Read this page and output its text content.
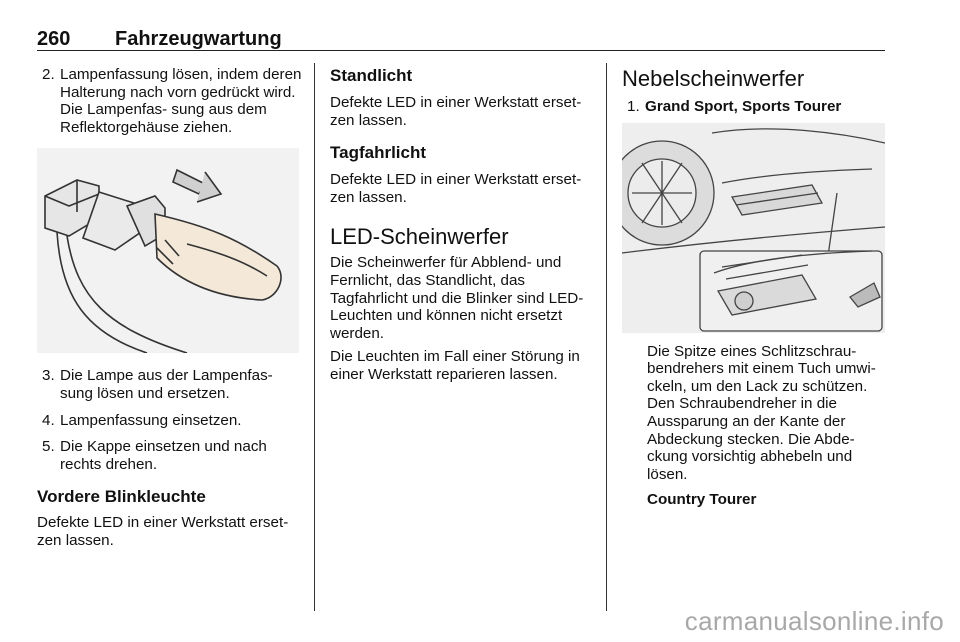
260 Fahrzeugwartung
2. Lampenfassung lösen, indem deren Halterung nach vorn gedrückt wird. Die Lampenfas- sung aus dem Reflektorgehäuse ziehen.

3. Die Lampe aus der Lampenfas- sung lösen und ersetzen.

4. Lampenfassung einsetzen.

5. Die Kappe einsetzen und nach rechts drehen.

Vordere Blinkleuchte

Defekte LED in einer Werkstatt erset- zen lassen.

Standlicht

Defekte LED in einer Werkstatt erset- zen lassen.

Tagfahrlicht

Defekte LED in einer Werkstatt erset- zen lassen.

LED-Scheinwerfer

Die Scheinwerfer für Abblend- und Fernlicht, das Standlicht, das Tagfahrlicht und die Blinker sind LED- Leuchten und können nicht ersetzt werden.

Die Leuchten im Fall einer Störung in einer Werkstatt reparieren lassen.

Nebelscheinwerfer

1. Grand Sport, Sports Tourer

Die Spitze eines Schlitzschrau- bendrehers mit einem Tuch umwi- ckeln, um den Lack zu schützen. Den Schraubendreher in die Aussparung an der Kante der Abdeckung stecken. Die Abde- ckung vorsichtig abhebeln und lösen.

Country Tourer

carmanualsonline.info
